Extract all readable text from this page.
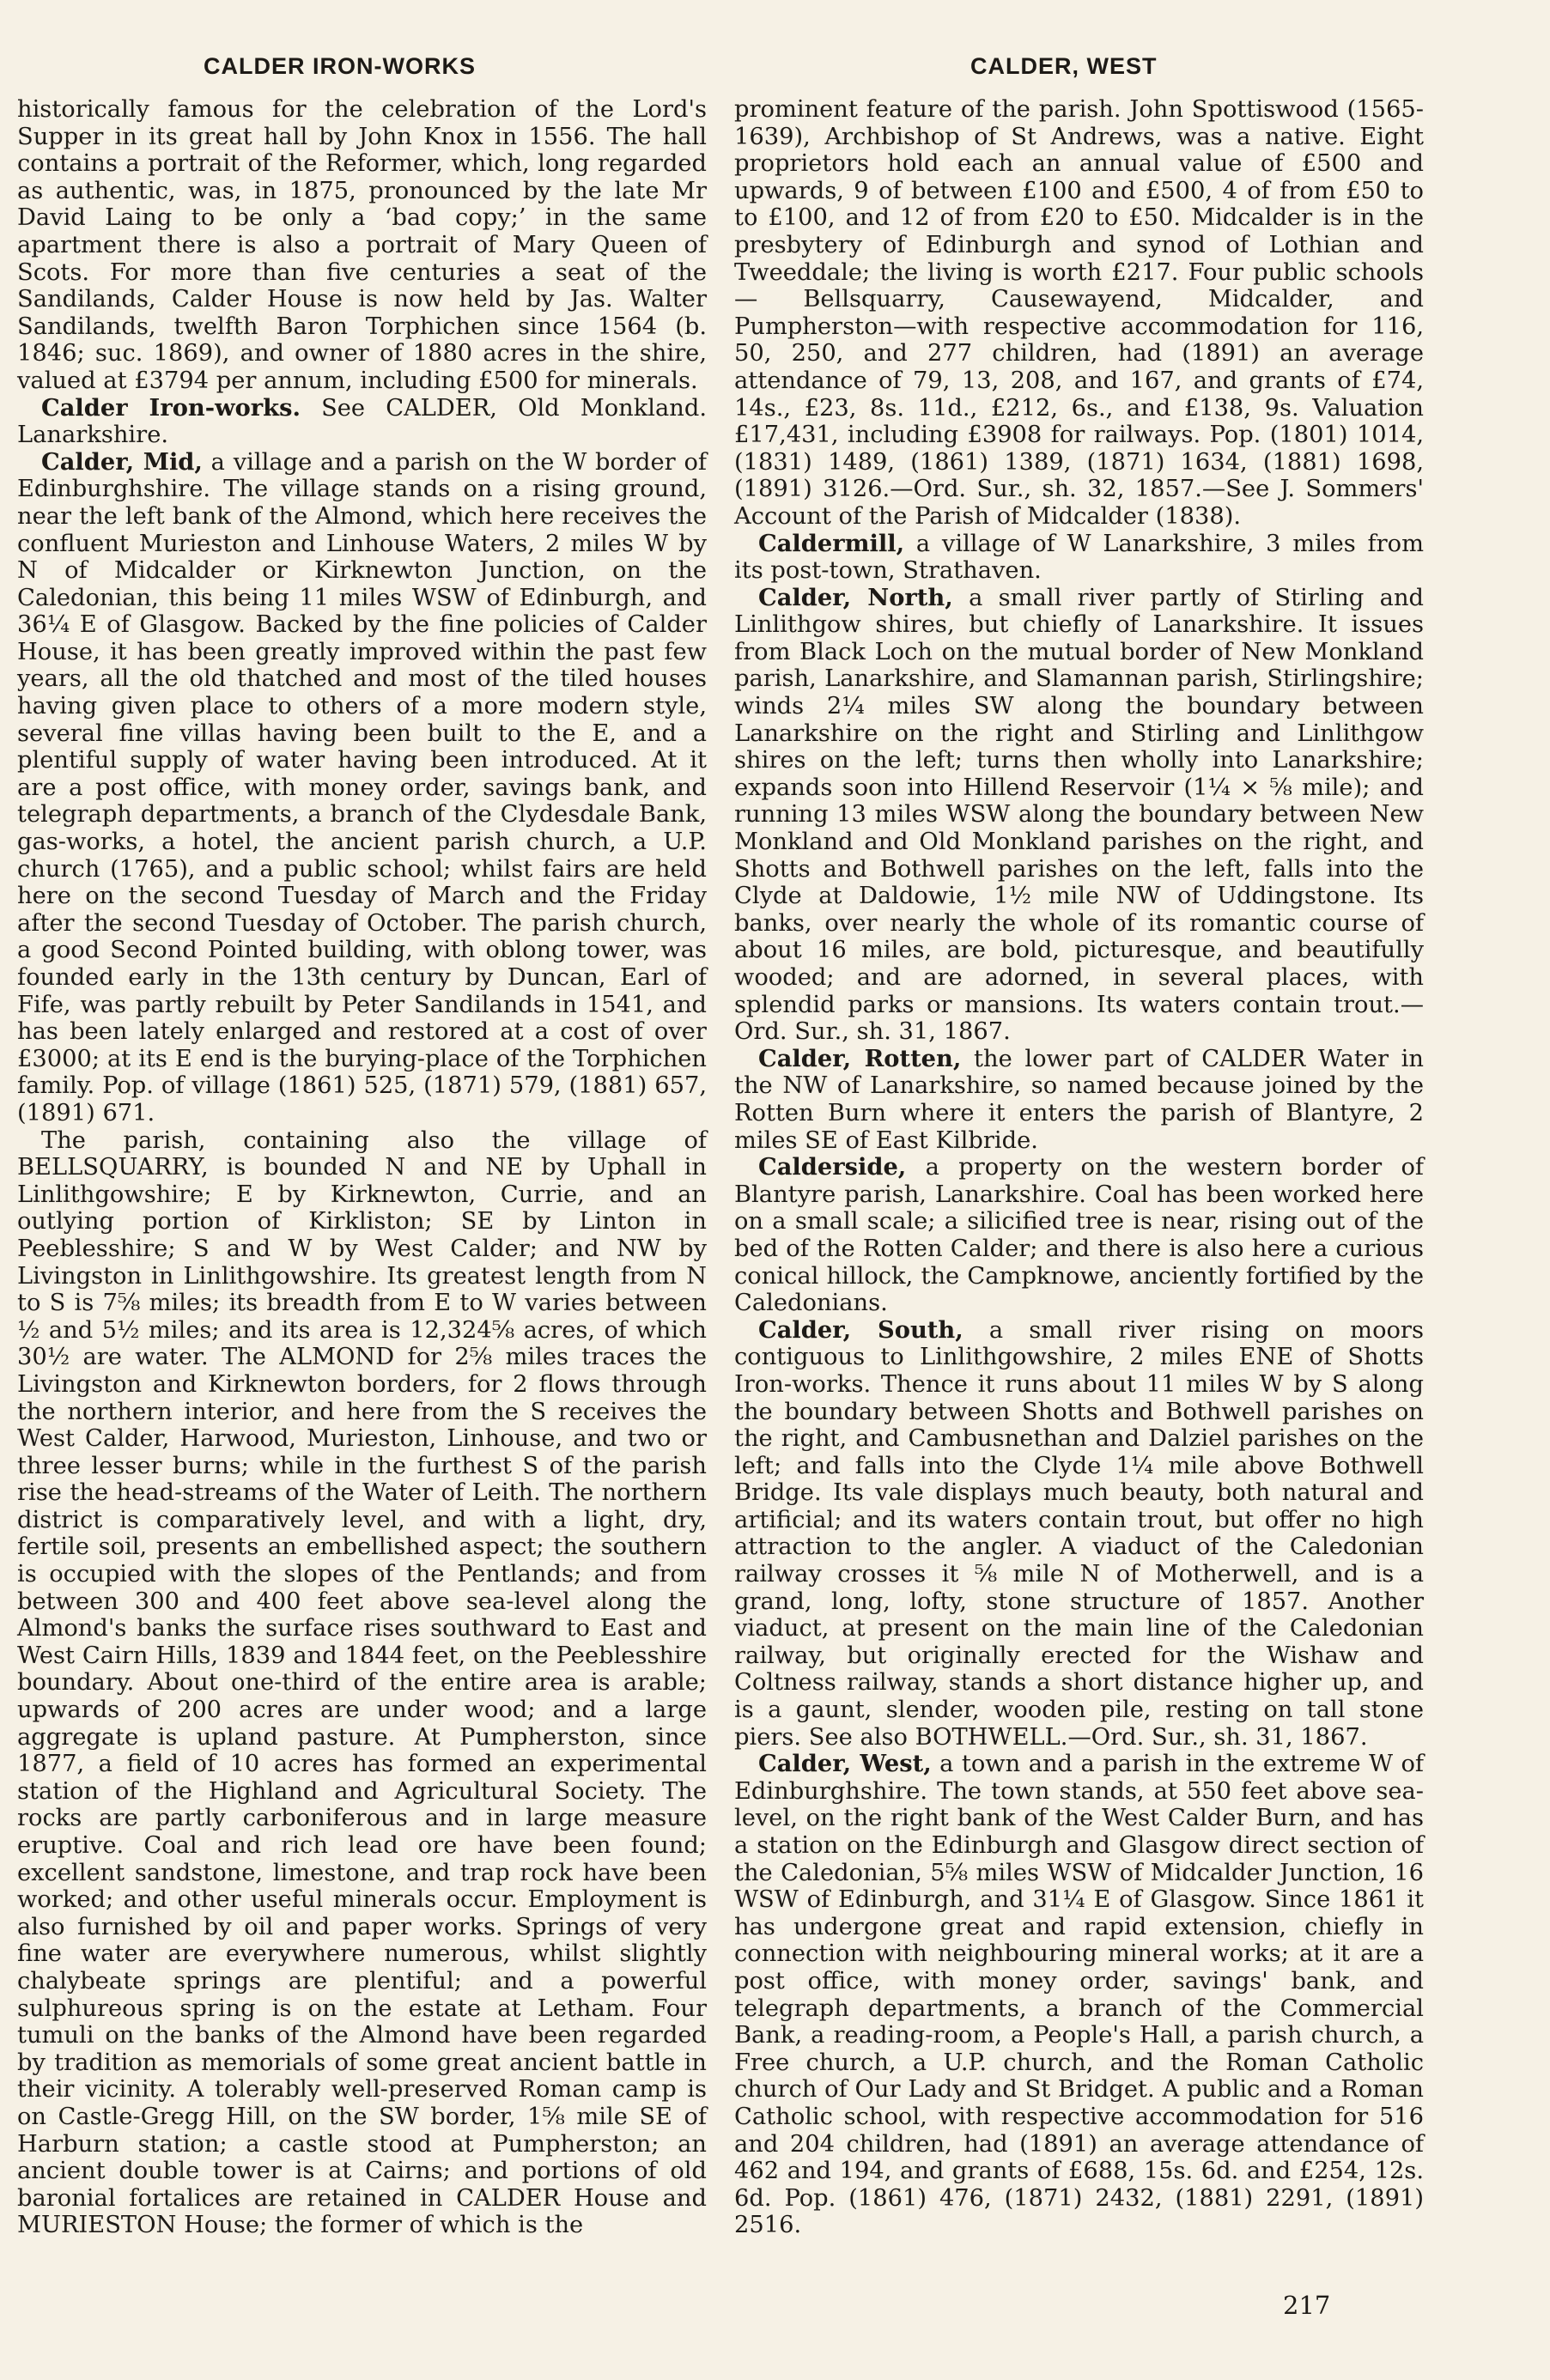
CALDER IRON-WORKS	CALDER, WEST

historically famous for the celebration of the Lord's Supper in its great hall by John Knox in 1556. The hall contains a portrait of the Reformer, which, long regarded as authentic, was, in 1875, pronounced by the late Mr David Laing to be only a ‘bad copy;’ in the same apartment there is also a portrait of Mary Queen of Scots. For more than five centuries a seat of the Sandilands, Calder House is now held by Jas. Walter Sandilands, twelfth Baron Torphichen since 1564 (b. 1846; suc. 1869), and owner of 1880 acres in the shire, valued at £3794 per annum, including £500 for minerals.

Calder Iron-works. See CALDER, Old Monkland. Lanarkshire.

Calder, Mid, a village and a parish on the W border of Edinburghshire. The village stands on a rising ground, near the left bank of the Almond, which here receives the confluent Murieston and Linhouse Waters, 2 miles W by N of Midcalder or Kirknewton Junction, on the Caledonian, this being 11 miles WSW of Edinburgh, and 36¼ E of Glasgow. Backed by the fine policies of Calder House, it has been greatly improved within the past few years, all the old thatched and most of the tiled houses having given place to others of a more modern style, several fine villas having been built to the E, and a plentiful supply of water having been introduced. At it are a post office, with money order, savings bank, and telegraph departments, a branch of the Clydesdale Bank, gas-works, a hotel, the ancient parish church, a U.P. church (1765), and a public school; whilst fairs are held here on the second Tuesday of March and the Friday after the second Tuesday of October. The parish church, a good Second Pointed building, with oblong tower, was founded early in the 13th century by Duncan, Earl of Fife, was partly rebuilt by Peter Sandilands in 1541, and has been lately enlarged and restored at a cost of over £3000; at its E end is the burying-place of the Torphichen family. Pop. of village (1861) 525, (1871) 579, (1881) 657, (1891) 671.

The parish, containing also the village of BELLSQUARRY, is bounded N and NE by Uphall in Linlithgowshire; E by Kirknewton, Currie, and an outlying portion of Kirkliston; SE by Linton in Peeblesshire; S and W by West Calder; and NW by Livingston in Linlithgowshire. Its greatest length from N to S is 7⅝ miles; its breadth from E to W varies between ½ and 5½ miles; and its area is 12,324⅝ acres, of which 30½ are water. The ALMOND for 2⅝ miles traces the Livingston and Kirknewton borders, for 2 flows through the northern interior, and here from the S receives the West Calder, Harwood, Murieston, Linhouse, and two or three lesser burns; while in the furthest S of the parish rise the head-streams of the Water of Leith. The northern district is comparatively level, and with a light, dry, fertile soil, presents an embellished aspect; the southern is occupied with the slopes of the Pentlands; and from between 300 and 400 feet above sea-level along the Almond's banks the surface rises southward to East and West Cairn Hills, 1839 and 1844 feet, on the Peeblesshire boundary. About one-third of the entire area is arable; upwards of 200 acres are under wood; and a large aggregate is upland pasture. At Pumpherston, since 1877, a field of 10 acres has formed an experimental station of the Highland and Agricultural Society. The rocks are partly carboniferous and in large measure eruptive. Coal and rich lead ore have been found; excellent sandstone, limestone, and trap rock have been worked; and other useful minerals occur. Employment is also furnished by oil and paper works. Springs of very fine water are everywhere numerous, whilst slightly chalybeate springs are plentiful; and a powerful sulphureous spring is on the estate at Letham. Four tumuli on the banks of the Almond have been regarded by tradition as memorials of some great ancient battle in their vicinity. A tolerably well-preserved Roman camp is on Castle-Gregg Hill, on the SW border, 1⅝ mile SE of Harburn station; a castle stood at Pumpherston; an ancient double tower is at Cairns; and portions of old baronial fortalices are retained in CALDER House and MURIESTON House; the former of which is the

prominent feature of the parish. John Spottiswood (1565-1639), Archbishop of St Andrews, was a native. Eight proprietors hold each an annual value of £500 and upwards, 9 of between £100 and £500, 4 of from £50 to to £100, and 12 of from £20 to £50. Midcalder is in the presbytery of Edinburgh and synod of Lothian and Tweeddale; the living is worth £217. Four public schools — Bellsquarry, Causewayend, Midcalder, and Pumpherston—with respective accommodation for 116, 50, 250, and 277 children, had (1891) an average attendance of 79, 13, 208, and 167, and grants of £74, 14s., £23, 8s. 11d., £212, 6s., and £138, 9s. Valuation £17,431, including £3908 for railways. Pop. (1801) 1014, (1831) 1489, (1861) 1389, (1871) 1634, (1881) 1698, (1891) 3126.—Ord. Sur., sh. 32, 1857.—See J. Sommers' Account of the Parish of Midcalder (1838).

Caldermill, a village of W Lanarkshire, 3 miles from its post-town, Strathaven.

Calder, North, a small river partly of Stirling and Linlithgow shires, but chiefly of Lanarkshire. It issues from Black Loch on the mutual border of New Monkland parish, Lanarkshire, and Slamannan parish, Stirlingshire; winds 2¼ miles SW along the boundary between Lanarkshire on the right and Stirling and Linlithgow shires on the left; turns then wholly into Lanarkshire; expands soon into Hillend Reservoir (1¼ × ⅝ mile); and running 13 miles WSW along the boundary between New Monkland and Old Monkland parishes on the right, and Shotts and Bothwell parishes on the left, falls into the Clyde at Daldowie, 1½ mile NW of Uddingstone. Its banks, over nearly the whole of its romantic course of about 16 miles, are bold, picturesque, and beautifully wooded; and are adorned, in several places, with splendid parks or mansions. Its waters contain trout.—Ord. Sur., sh. 31, 1867.

Calder, Rotten, the lower part of CALDER Water in the NW of Lanarkshire, so named because joined by the Rotten Burn where it enters the parish of Blantyre, 2 miles SE of East Kilbride.

Calderside, a property on the western border of Blantyre parish, Lanarkshire. Coal has been worked here on a small scale; a silicified tree is near, rising out of the bed of the Rotten Calder; and there is also here a curious conical hillock, the Campknowe, anciently fortified by the Caledonians.

Calder, South, a small river rising on moors contiguous to Linlithgowshire, 2 miles ENE of Shotts Iron-works. Thence it runs about 11 miles W by S along the boundary between Shotts and Bothwell parishes on the right, and Cambusnethan and Dalziel parishes on the left; and falls into the Clyde 1¼ mile above Bothwell Bridge. Its vale displays much beauty, both natural and artificial; and its waters contain trout, but offer no high attraction to the angler. A viaduct of the Caledonian railway crosses it ⅝ mile N of Motherwell, and is a grand, long, lofty, stone structure of 1857. Another viaduct, at present on the main line of the Caledonian railway, but originally erected for the Wishaw and Coltness railway, stands a short distance higher up, and is a gaunt, slender, wooden pile, resting on tall stone piers. See also BOTHWELL.—Ord. Sur., sh. 31, 1867.

Calder, West, a town and a parish in the extreme W of Edinburghshire. The town stands, at 550 feet above sea-level, on the right bank of the West Calder Burn, and has a station on the Edinburgh and Glasgow direct section of the Caledonian, 5⅝ miles WSW of Midcalder Junction, 16 WSW of Edinburgh, and 31¼ E of Glasgow. Since 1861 it has undergone great and rapid extension, chiefly in connection with neighbouring mineral works; at it are a post office, with money order, savings' bank, and telegraph departments, a branch of the Commercial Bank, a reading-room, a People's Hall, a parish church, a Free church, a U.P. church, and the Roman Catholic church of Our Lady and St Bridget. A public and a Roman Catholic school, with respective accommodation for 516 and 204 children, had (1891) an average attendance of 462 and 194, and grants of £688, 15s. 6d. and £254, 12s. 6d. Pop. (1861) 476, (1871) 2432, (1881) 2291, (1891) 2516.

217
